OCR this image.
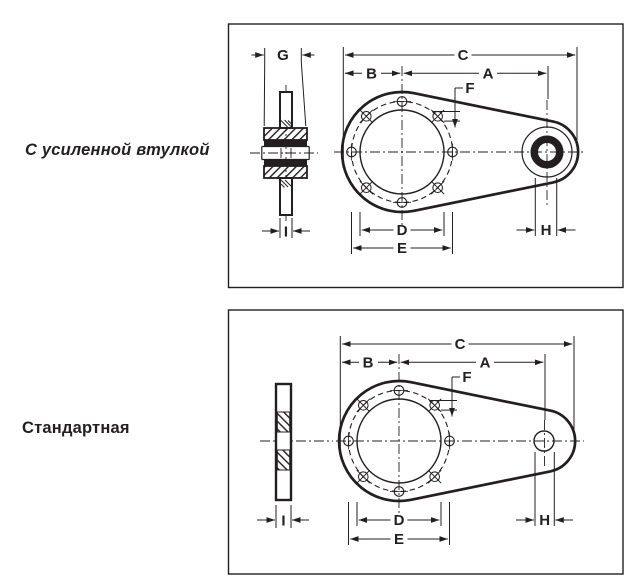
С усиленной втулкой
Стандартная
G
I
C
B	A
F
D
E
H
C
B	A
F
D
E
H
I
